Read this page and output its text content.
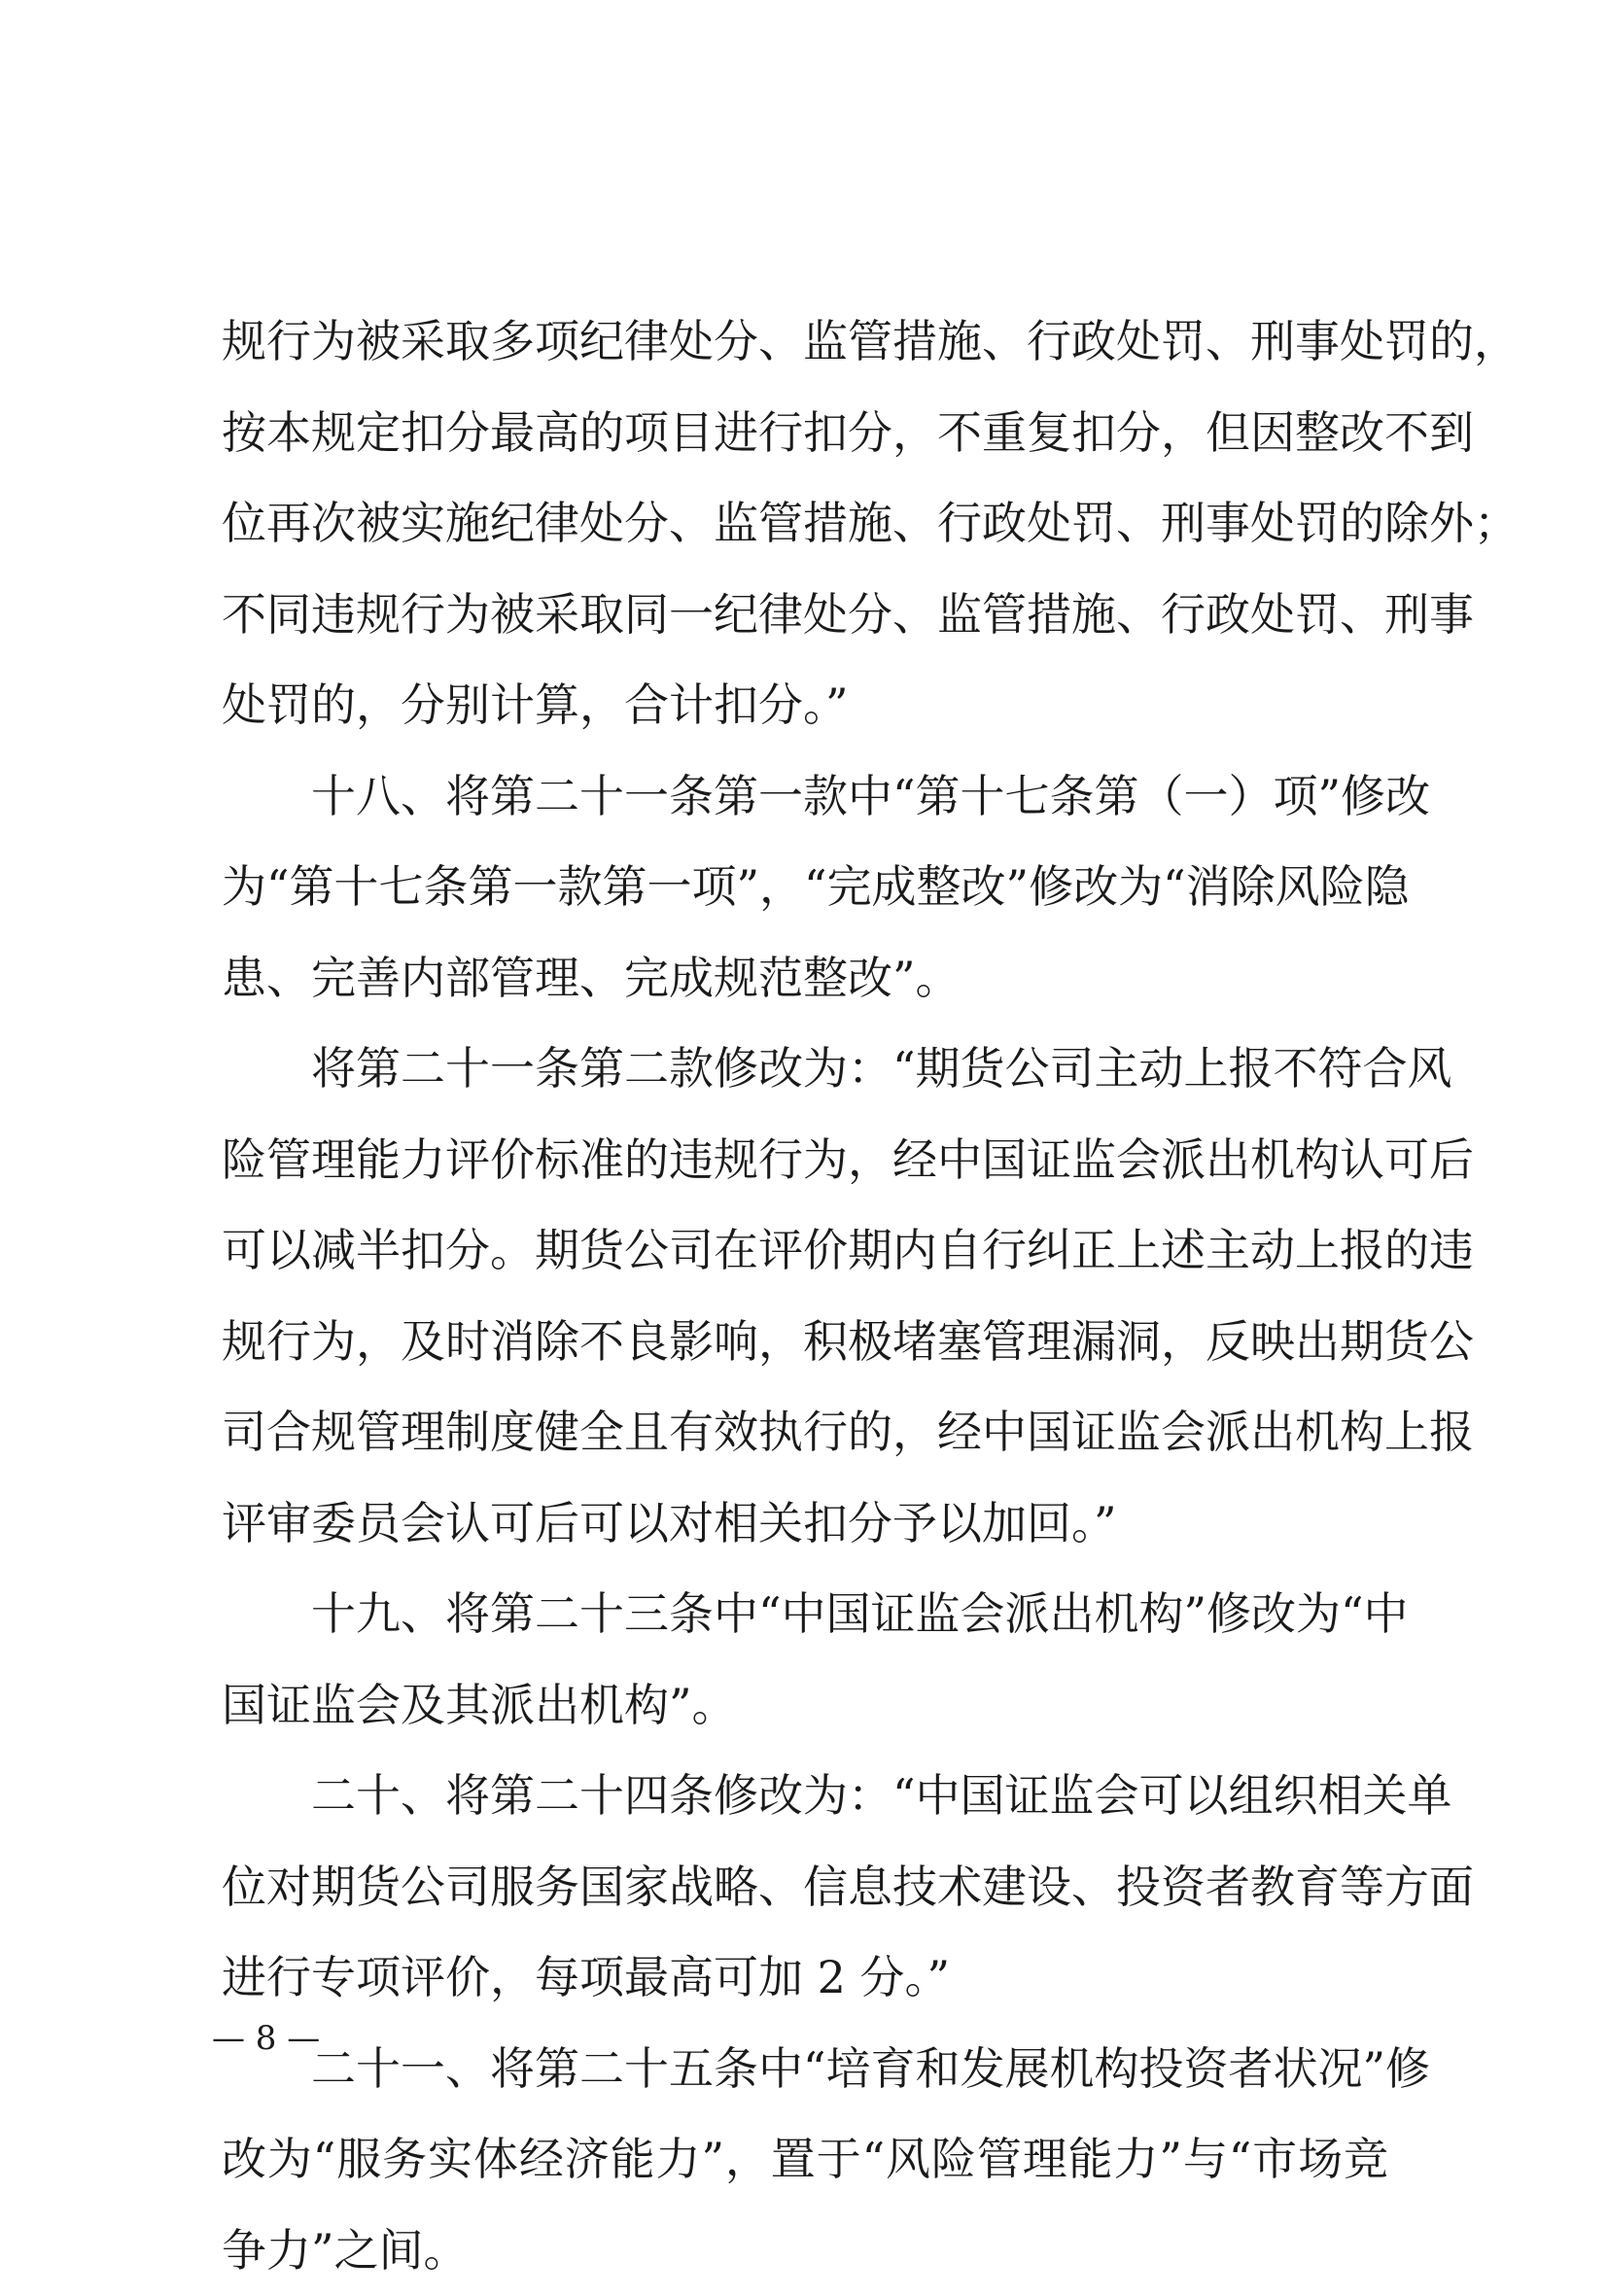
规行为被采取多项纪律处分、监管措施、行政处罚、刑事处罚的，
按本规定扣分最高的项目进行扣分，不重复扣分，但因整改不到
位再次被实施纪律处分、监管措施、行政处罚、刑事处罚的除外；
不同违规行为被采取同一纪律处分、监管措施、行政处罚、刑事
处罚的，分别计算，合计扣分。”
十八、将第二十一条第一款中“第十七条第（一）项”修改
为“第十七条第一款第一项”，“完成整改”修改为“消除风险隐
患、完善内部管理、完成规范整改”。
将第二十一条第二款修改为：“期货公司主动上报不符合风
险管理能力评价标准的违规行为，经中国证监会派出机构认可后
可以减半扣分。期货公司在评价期内自行纠正上述主动上报的违
规行为，及时消除不良影响，积极堵塞管理漏洞，反映出期货公
司合规管理制度健全且有效执行的，经中国证监会派出机构上报
评审委员会认可后可以对相关扣分予以加回。”
十九、将第二十三条中“中国证监会派出机构”修改为“中
国证监会及其派出机构”。
二十、将第二十四条修改为：“中国证监会可以组织相关单
位对期货公司服务国家战略、信息技术建设、投资者教育等方面
进行专项评价，每项最高可加 2 分。”
二十一、将第二十五条中“培育和发展机构投资者状况”修
改为“服务实体经济能力”，置于“风险管理能力”与“市场竞
争力”之间。
— 8 —
